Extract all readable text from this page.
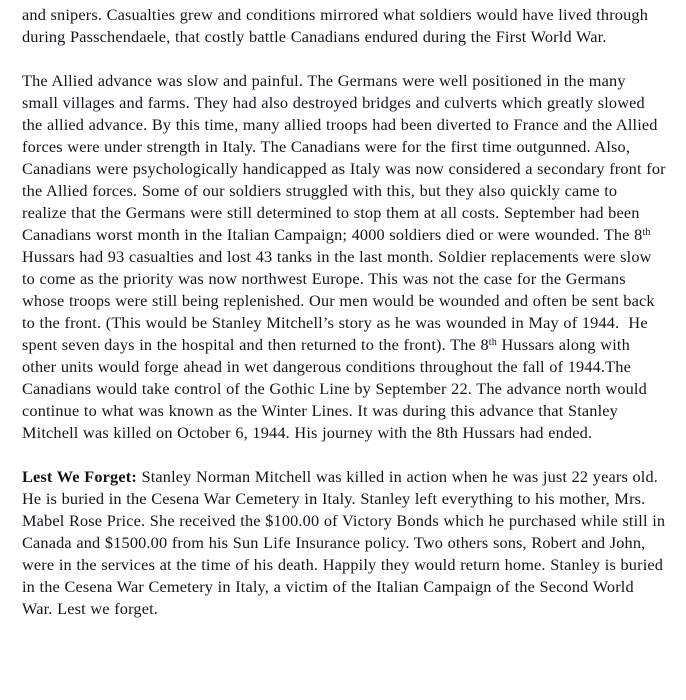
and snipers. Casualties grew and conditions mirrored what soldiers would have lived through during Passchendaele, that costly battle Canadians endured during the First World War.

The Allied advance was slow and painful. The Germans were well positioned in the many small villages and farms. They had also destroyed bridges and culverts which greatly slowed the allied advance. By this time, many allied troops had been diverted to France and the Allied forces were under strength in Italy. The Canadians were for the first time outgunned. Also, Canadians were psychologically handicapped as Italy was now considered a secondary front for the Allied forces. Some of our soldiers struggled with this, but they also quickly came to realize that the Germans were still determined to stop them at all costs. September had been Canadians worst month in the Italian Campaign; 4000 soldiers died or were wounded. The 8th Hussars had 93 casualties and lost 43 tanks in the last month. Soldier replacements were slow to come as the priority was now northwest Europe. This was not the case for the Germans whose troops were still being replenished. Our men would be wounded and often be sent back to the front. (This would be Stanley Mitchell’s story as he was wounded in May of 1944.  He spent seven days in the hospital and then returned to the front). The 8th Hussars along with other units would forge ahead in wet dangerous conditions throughout the fall of 1944.The Canadians would take control of the Gothic Line by September 22. The advance north would continue to what was known as the Winter Lines. It was during this advance that Stanley Mitchell was killed on October 6, 1944. His journey with the 8th Hussars had ended.

Lest We Forget: Stanley Norman Mitchell was killed in action when he was just 22 years old. He is buried in the Cesena War Cemetery in Italy. Stanley left everything to his mother, Mrs. Mabel Rose Price. She received the $100.00 of Victory Bonds which he purchased while still in Canada and $1500.00 from his Sun Life Insurance policy. Two others sons, Robert and John, were in the services at the time of his death. Happily they would return home. Stanley is buried in the Cesena War Cemetery in Italy, a victim of the Italian Campaign of the Second World War. Lest we forget.
